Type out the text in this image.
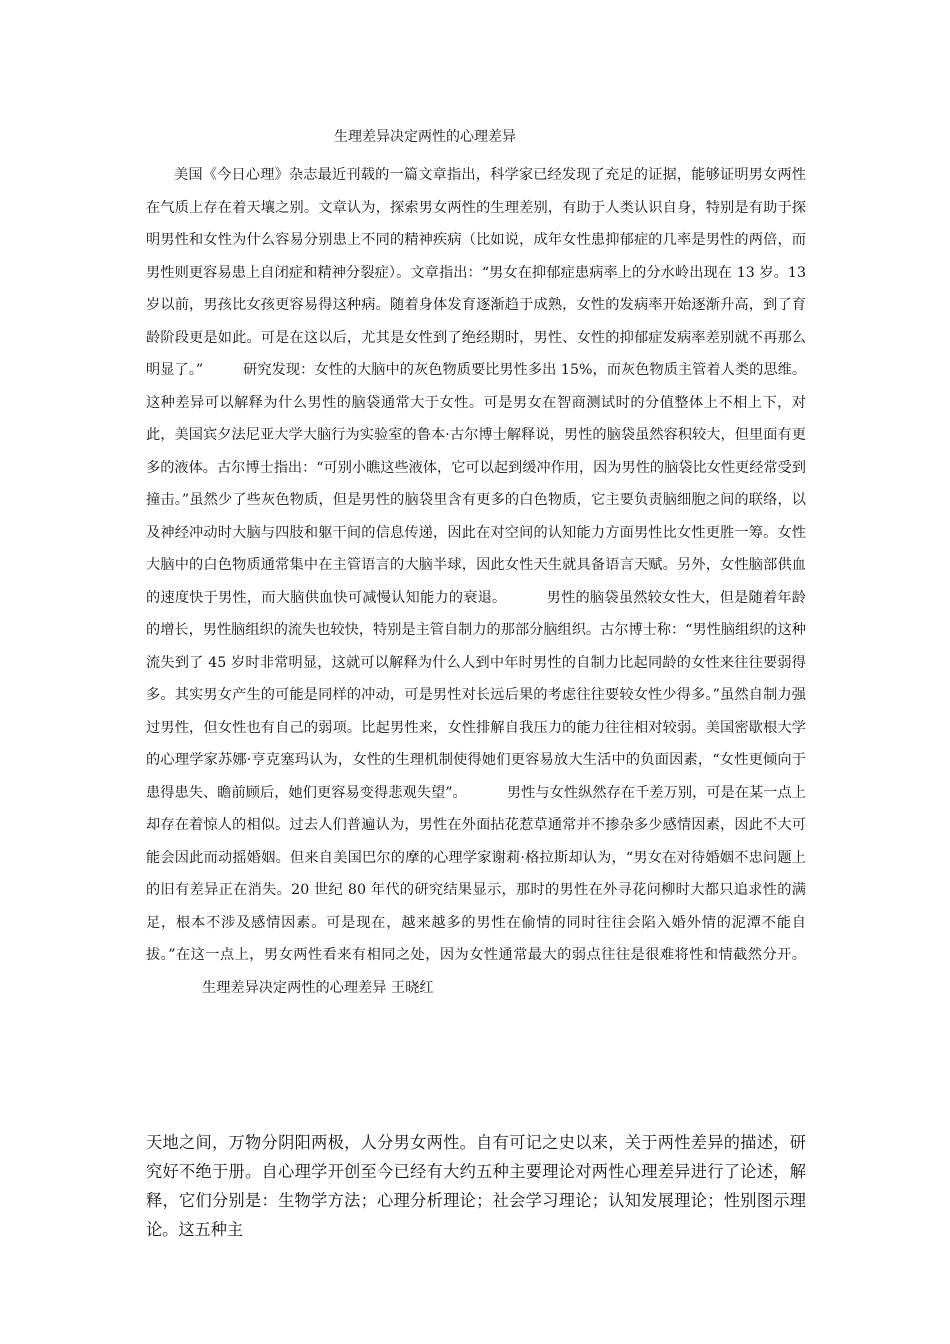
生理差异决定两性的心理差异

美国《今日心理》杂志最近刊载的一篇文章指出，科学家已经发现了充足的证据，能够证明男女两性在气质上存在着天壤之别。文章认为，探索男女两性的生理差别，有助于人类认识自身，特别是有助于探明男性和女性为什么容易分别患上不同的精神疾病（比如说，成年女性患抑郁症的几率是男性的两倍，而男性则更容易患上自闭症和精神分裂症）。文章指出：“男女在抑郁症患病率上的分水岭出现在 13 岁。13 岁以前，男孩比女孩更容易得这种病。随着身体发育逐渐趋于成熟，女性的发病率开始逐渐升高，到了育龄阶段更是如此。可是在这以后，尤其是女性到了绝经期时，男性、女性的抑郁症发病率差别就不再那么明显了。”	研究发现：女性的大脑中的灰色物质要比男性多出 15%，而灰色物质主管着人类的思维。这种差异可以解释为什么男性的脑袋通常大于女性。可是男女在智商测试时的分值整体上不相上下，对此，美国宾夕法尼亚大学大脑行为实验室的鲁本·古尔博士解释说，男性的脑袋虽然容积较大，但里面有更多的液体。古尔博士指出：“可别小瞧这些液体，它可以起到缓冲作用，因为男性的脑袋比女性更经常受到撞击。”虽然少了些灰色物质，但是男性的脑袋里含有更多的白色物质，它主要负责脑细胞之间的联络，以及神经冲动时大脑与四肢和躯干间的信息传递，因此在对空间的认知能力方面男性比女性更胜一筹。女性大脑中的白色物质通常集中在主管语言的大脑半球，因此女性天生就具备语言天赋。另外，女性脑部供血的速度快于男性，而大脑供血快可减慢认知能力的衰退。	男性的脑袋虽然较女性大，但是随着年龄的增长，男性脑组织的流失也较快，特别是主管自制力的那部分脑组织。古尔博士称：“男性脑组织的这种流失到了 45 岁时非常明显，这就可以解释为什么人到中年时男性的自制力比起同龄的女性来往往要弱得多。其实男女产生的可能是同样的冲动，可是男性对长远后果的考虑往往要较女性少得多。”虽然自制力强过男性，但女性也有自己的弱项。比起男性来，女性排解自我压力的能力往往相对较弱。美国密歇根大学的心理学家苏娜·亨克塞玛认为，女性的生理机制使得她们更容易放大生活中的负面因素，“女性更倾向于患得患失、瞻前顾后，她们更容易变得悲观失望”。	男性与女性纵然存在千差万别，可是在某一点上却存在着惊人的相似。过去人们普遍认为，男性在外面拈花惹草通常并不掺杂多少感情因素，因此不大可能会因此而动摇婚姻。但来自美国巴尔的摩的心理学家谢莉·格拉斯却认为，“男女在对待婚姻不忠问题上的旧有差异正在消失。20 世纪 80 年代的研究结果显示，那时的男性在外寻花问柳时大都只追求性的满足，根本不涉及感情因素。可是现在，越来越多的男性在偷情的同时往往会陷入婚外情的泥潭不能自拔。”在这一点上，男女两性看来有相同之处，因为女性通常最大的弱点往往是很难将性和情截然分开。生理差异决定两性的心理差异 王晓红

天地之间，万物分阴阳两极，人分男女两性。自有可记之史以来，关于两性差异的描述，研究好不绝于册。自心理学开创至今已经有大约五种主要理论对两性心理差异进行了论述，解释，它们分别是：生物学方法；心理分析理论；社会学习理论；认知发展理论；性别图示理论。这五种主
